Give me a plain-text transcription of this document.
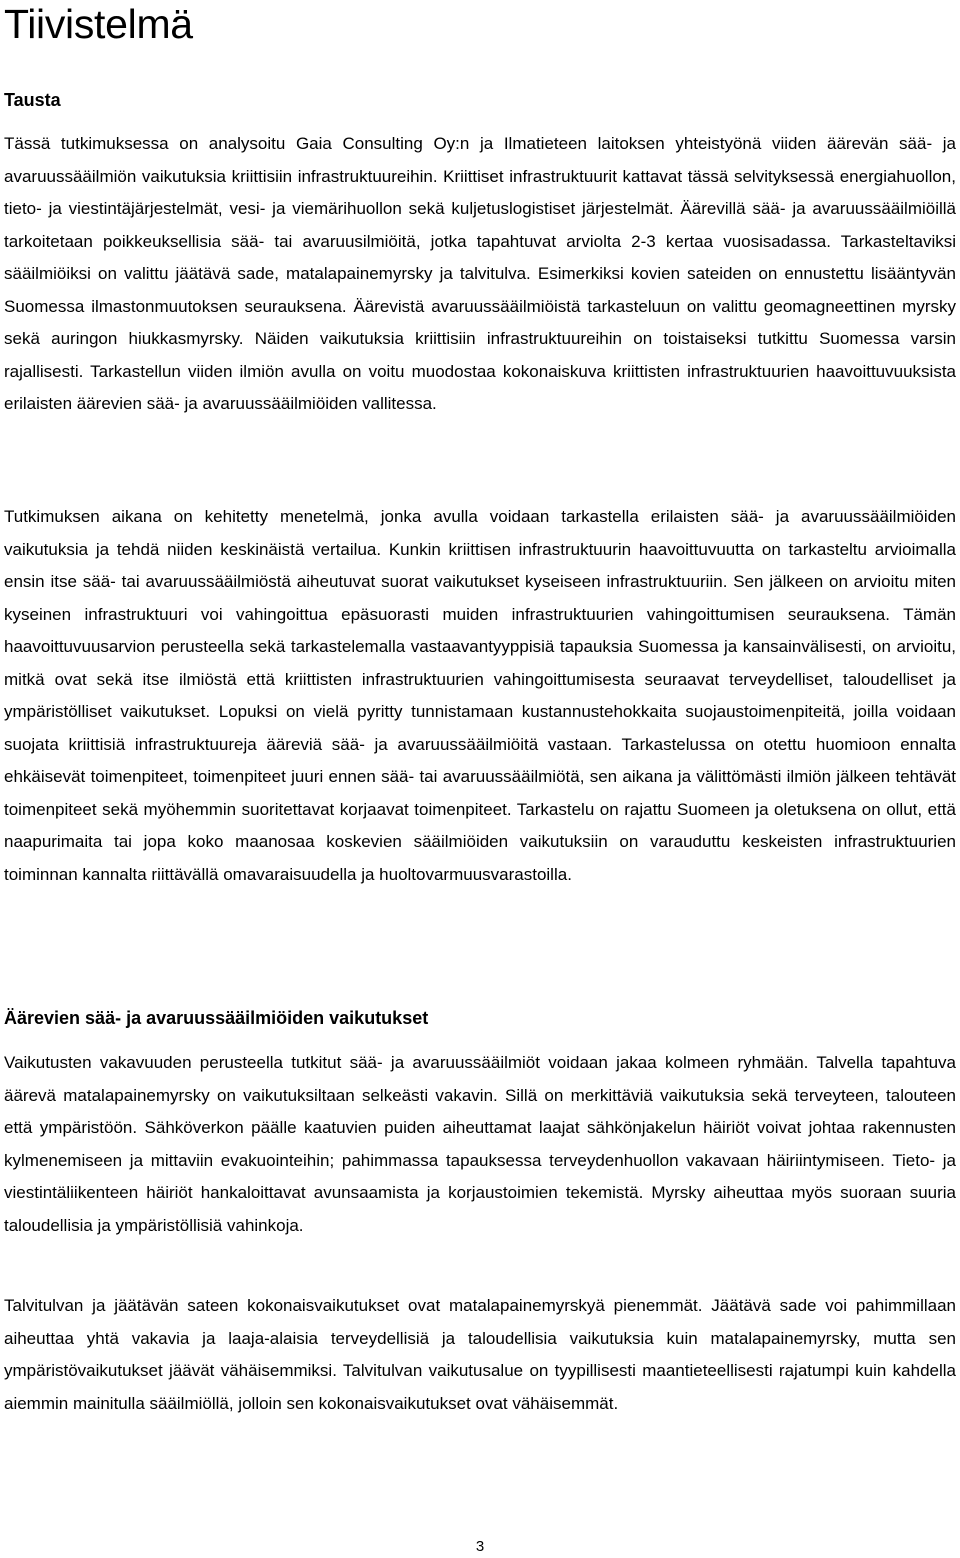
Tiivistelmä
Tausta

Tässä tutkimuksessa on analysoitu Gaia Consulting Oy:n ja Ilmatieteen laitoksen yhteistyönä viiden äärevän sää- ja avaruussääilmiön vaikutuksia kriittisiin infrastruktuureihin. Kriittiset infrastruktuurit kattavat tässä selvityksessä energiahuollon, tieto- ja viestintäjärjestelmät, vesi- ja viemärihuollon sekä kuljetuslogistiset järjestelmät. Äärevillä sää- ja avaruussääilmiöillä tarkoitetaan poikkeuksellisia sää- tai avaruusilmiöitä, jotka tapahtuvat arviolta 2-3 kertaa vuosisadassa. Tarkasteltaviksi sääilmiöiksi on valittu jäätävä sade, matalapainemyrsky ja talvitulva. Esimerkiksi kovien sateiden on ennustettu lisääntyvän Suomessa ilmastonmuutoksen seurauksena. Äärevistä avaruussääilmiöistä tarkasteluun on valittu geomagneettinen myrsky sekä auringon hiukkasmyrsky. Näiden vaikutuksia kriittisiin infrastruktuureihin on toistaiseksi tutkittu Suomessa varsin rajallisesti. Tarkastellun viiden ilmiön avulla on voitu muodostaa kokonaiskuva kriittisten infrastruktuurien haavoittuvuuksista erilaisten äärevien sää- ja avaruussääilmiöiden vallitessa.

Tutkimuksen aikana on kehitetty menetelmä, jonka avulla voidaan tarkastella erilaisten sää- ja avaruussääilmiöiden vaikutuksia ja tehdä niiden keskinäistä vertailua. Kunkin kriittisen infrastruktuurin haavoittuvuutta on tarkasteltu arvioimalla ensin itse sää- tai avaruussääilmiöstä aiheutuvat suorat vaikutukset kyseiseen infrastruktuuriin. Sen jälkeen on arvioitu miten kyseinen infrastruktuuri voi vahingoittua epäsuorasti muiden infrastruktuurien vahingoittumisen seurauksena. Tämän haavoittuvuusarvion perusteella sekä tarkastelemalla vastaavantyyppisiä tapauksia Suomessa ja kansainvälisesti, on arvioitu, mitkä ovat sekä itse ilmiöstä että kriittisten infrastruktuurien vahingoittumisesta seuraavat terveydelliset, taloudelliset ja ympäristölliset vaikutukset. Lopuksi on vielä pyritty tunnistamaan kustannustehokkaita suojaustoimenpiteitä, joilla voidaan suojata kriittisiä infrastruktuureja ääreviä sää- ja avaruussääilmiöitä vastaan. Tarkastelussa on otettu huomioon ennalta ehkäisevät toimenpiteet, toimenpiteet juuri ennen sää- tai avaruussääilmiötä, sen aikana ja välittömästi ilmiön jälkeen tehtävät toimenpiteet sekä myöhemmin suoritettavat korjaavat toimenpiteet. Tarkastelu on rajattu Suomeen ja oletuksena on ollut, että naapurimaita tai jopa koko maanosaa koskevien sääilmiöiden vaikutuksiin on varauduttu keskeisten infrastruktuurien toiminnan kannalta riittävällä omavaraisuudella ja huoltovarmuusvarastoilla.

Äärevien sää- ja avaruussääilmiöiden vaikutukset

Vaikutusten vakavuuden perusteella tutkitut sää- ja avaruussääilmiöt voidaan jakaa kolmeen ryhmään. Talvella tapahtuva äärevä matalapainemyrsky on vaikutuksiltaan selkeästi vakavin. Sillä on merkittäviä vaikutuksia sekä terveyteen, talouteen että ympäristöön. Sähköverkon päälle kaatuvien puiden aiheuttamat laajat sähkönjakelun häiriöt voivat johtaa rakennusten kylmenemiseen ja mittaviin evakuointeihin; pahimmassa tapauksessa terveydenhuollon vakavaan häiriintymiseen. Tieto- ja viestintäliikenteen häiriöt hankaloittavat avunsaamista ja korjaustoimien tekemistä. Myrsky aiheuttaa myös suoraan suuria taloudellisia ja ympäristöllisiä vahinkoja.

Talvitulvan ja jäätävän sateen kokonaisvaikutukset ovat matalapainemyrskyä pienemmät. Jäätävä sade voi pahimmillaan aiheuttaa yhtä vakavia ja laaja-alaisia terveydellisiä ja taloudellisia vaikutuksia kuin matalapainemyrsky, mutta sen ympäristövaikutukset jäävät vähäisemmiksi. Talvitulvan vaikutusalue on tyypillisesti maantieteellisesti rajatumpi kuin kahdella aiemmin mainitulla sääilmiöllä, jolloin sen kokonaisvaikutukset ovat vähäisemmät.

3
